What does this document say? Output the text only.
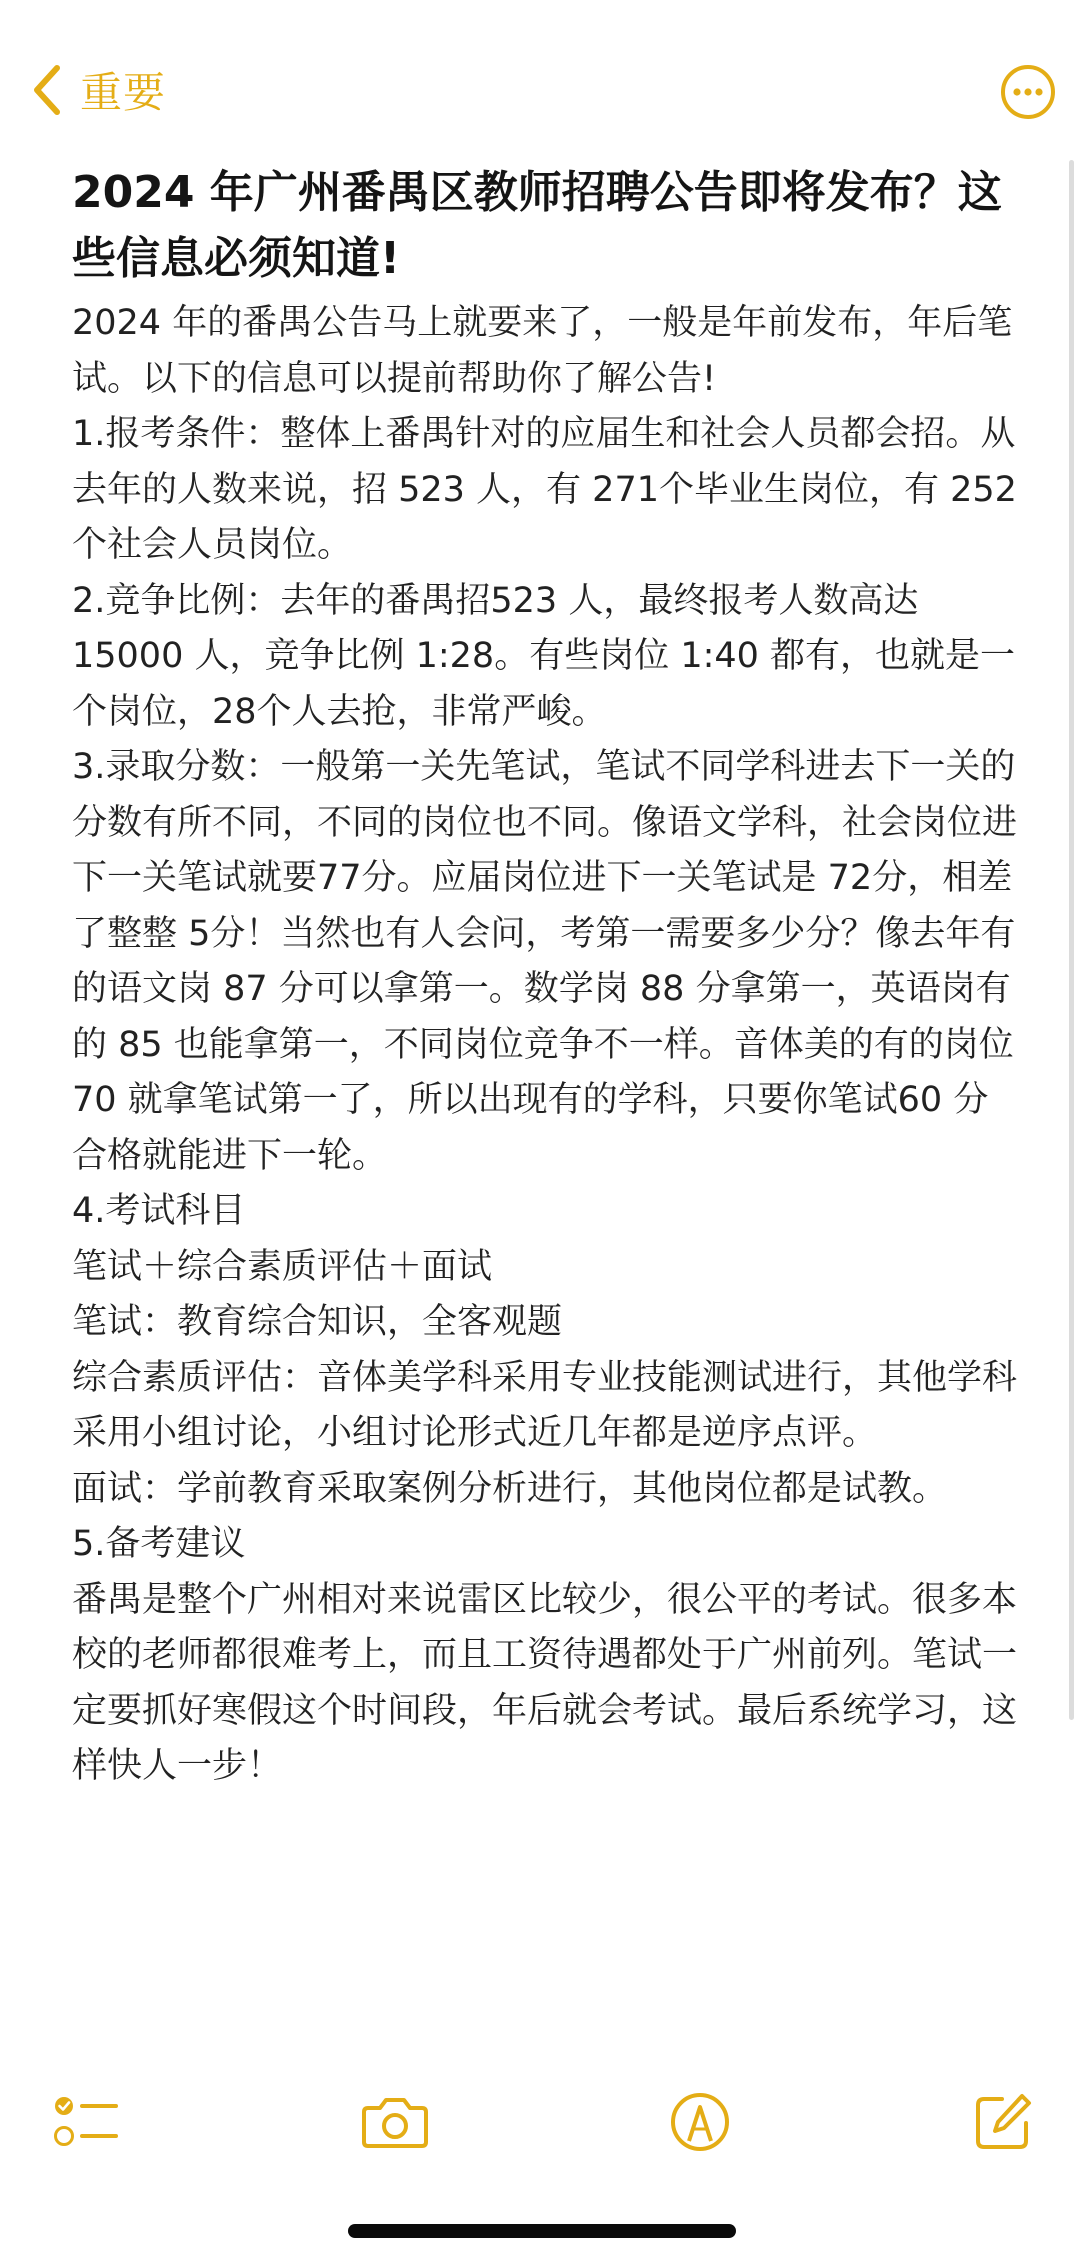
重要
2024 年广州番禺区教师招聘公告即将发布？这些信息必须知道!

2024 年的番禺公告马上就要来了，一般是年前发布，年后笔试。以下的信息可以提前帮助你了解公告!

1.报考条件：整体上番禺针对的应届生和社会人员都会招。从去年的人数来说，招 523 人，有 271个毕业生岗位，有 252个社会人员岗位。

2.竞争比例：去年的番禺招523 人，最终报考人数高达15000 人，竞争比例 1:28。有些岗位 1:40 都有，也就是一个岗位，28个人去抢，非常严峻。

3.录取分数：一般第一关先笔试，笔试不同学科进去下一关的分数有所不同，不同的岗位也不同。像语文学科，社会岗位进下一关笔试就要77分。应届岗位进下一关笔试是 72分，相差了整整 5分！当然也有人会问，考第一需要多少分？像去年有的语文岗 87 分可以拿第一。数学岗 88 分拿第一，英语岗有的 85 也能拿第一，不同岗位竞争不一样。音体美的有的岗位70 就拿笔试第一了，所以出现有的学科，只要你笔试60 分合格就能进下一轮。

4.考试科目

笔试＋综合素质评估＋面试

笔试：教育综合知识，全客观题

综合素质评估：音体美学科采用专业技能测试进行，其他学科采用小组讨论，小组讨论形式近几年都是逆序点评。

面试：学前教育采取案例分析进行，其他岗位都是试教。

5.备考建议

番禺是整个广州相对来说雷区比较少，很公平的考试。很多本校的老师都很难考上，而且工资待遇都处于广州前列。笔试一定要抓好寒假这个时间段，年后就会考试。最后系统学习，这样快人一步！
